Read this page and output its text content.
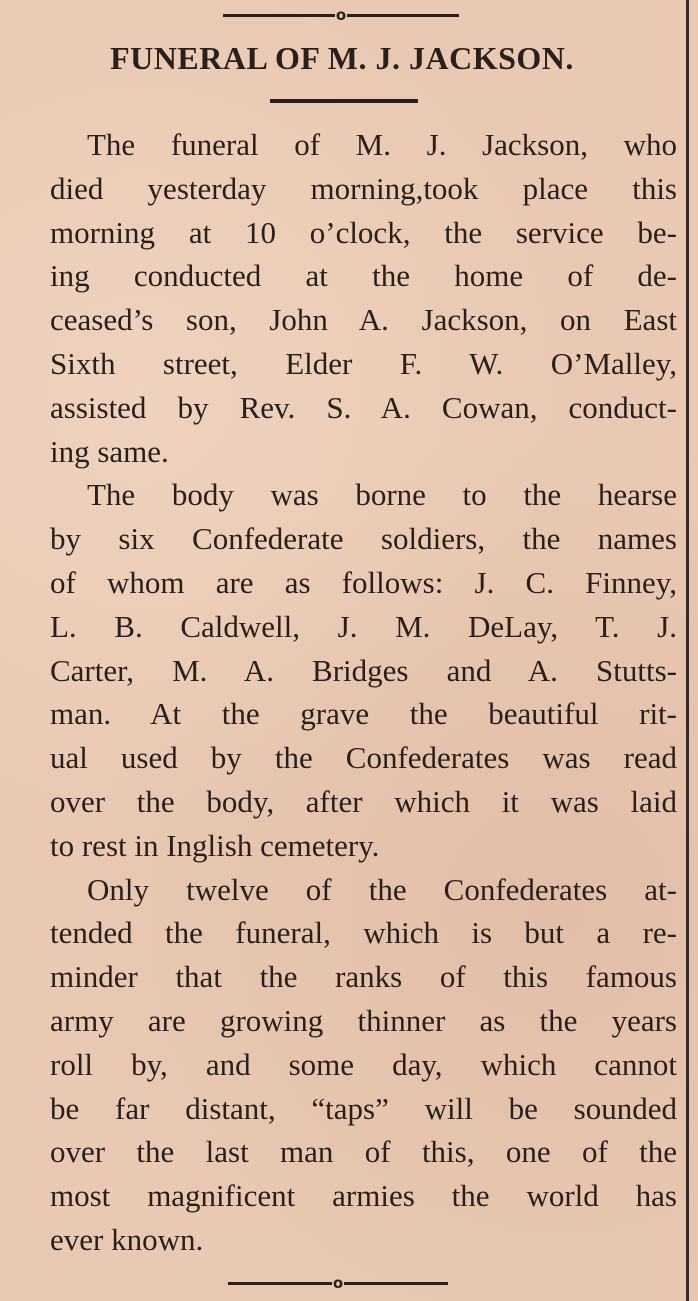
o
FUNERAL OF M. J. JACKSON.

The funeral of M. J. Jackson, who
died yesterday morning,took place this
morning at 10 o’clock, the service be-
ing conducted at the home of de-
ceased’s son, John A. Jackson, on East
Sixth street, Elder F. W. O’Malley,
assisted by Rev. S. A. Cowan, conduct-
ing same.

The body was borne to the hearse
by six Confederate soldiers, the names
of whom are as follows: J. C. Finney,
L. B. Caldwell, J. M. DeLay, T. J.
Carter, M. A. Bridges and A. Stutts-
man. At the grave the beautiful rit-
ual used by the Confederates was read
over the body, after which it was laid
to rest in Inglish cemetery.

Only twelve of the Confederates at-
tended the funeral, which is but a re-
minder that the ranks of this famous
army are growing thinner as the years
roll by, and some day, which cannot
be far distant, “taps” will be sounded
over the last man of this, one of the
most magnificent armies the world has
ever known.

o
